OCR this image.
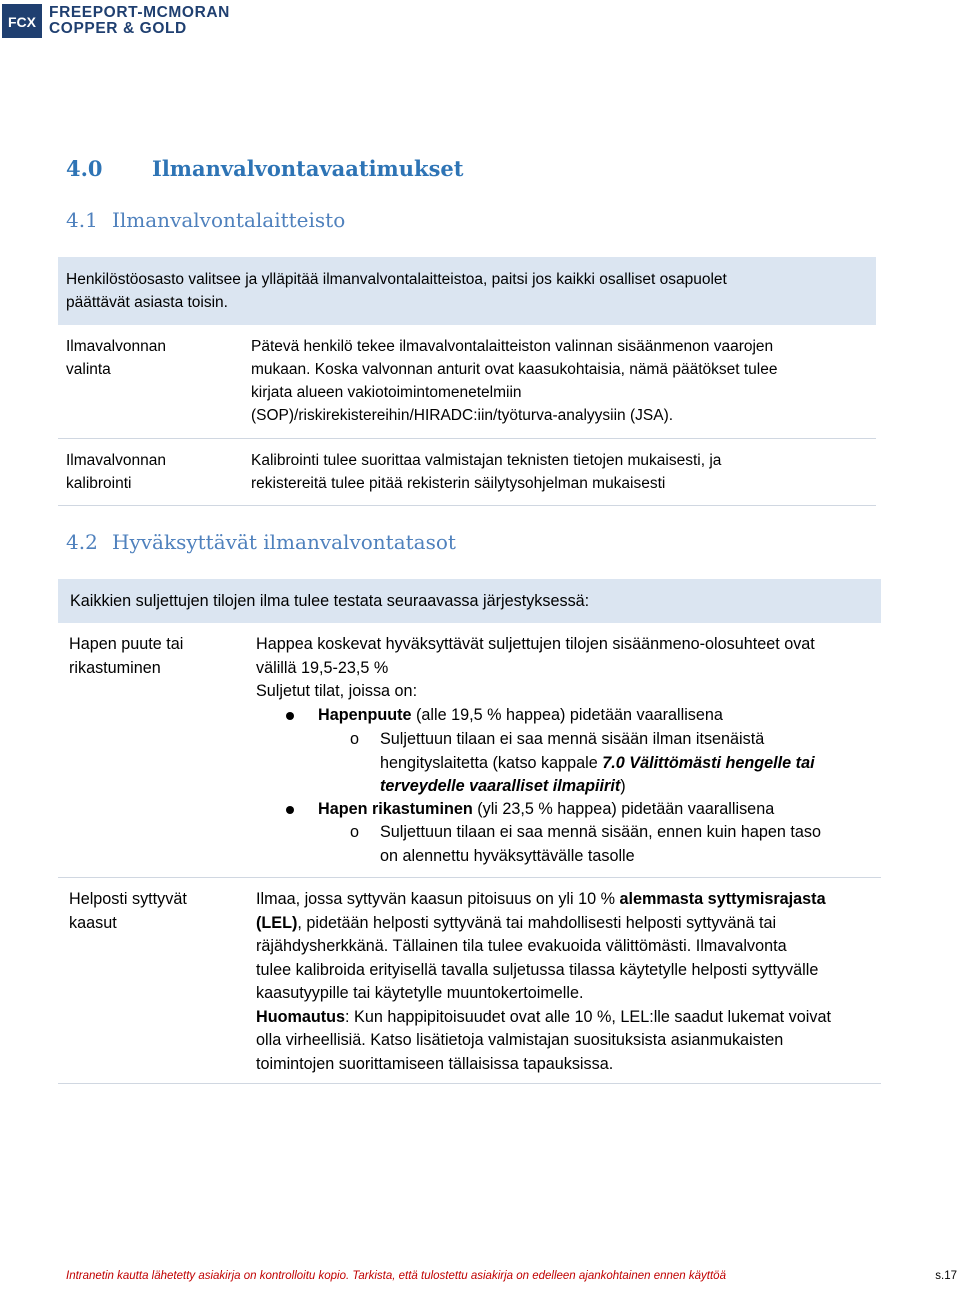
FCX
FREEPORT-MCMORAN
COPPER & GOLD
4.0 Ilmanvalvontavaatimukset
4.1 Ilmanvalvontalaitteisto
Henkilöstöosasto valitsee ja ylläpitää ilmanvalvontalaitteistoa, paitsi jos kaikki osalliset osapuolet
päättävät asiasta toisin.
Ilmavalvonnan
valinta
Pätevä henkilö tekee ilmavalvontalaitteiston valinnan sisäänmenon vaarojen
mukaan. Koska valvonnan anturit ovat kaasukohtaisia, nämä päätökset tulee
kirjata alueen vakiotoimintomenetelmiin
(SOP)/riskirekistereihin/HIRADC:iin/työturva-analyysiin (JSA).
Ilmavalvonnan
kalibrointi
Kalibrointi tulee suorittaa valmistajan teknisten tietojen mukaisesti, ja
rekistereitä tulee pitää rekisterin säilytysohjelman mukaisesti
4.2 Hyväksyttävät ilmanvalvontatasot
Kaikkien suljettujen tilojen ilma tulee testata seuraavassa järjestyksessä:
Hapen puute tai
rikastuminen
Happea koskevat hyväksyttävät suljettujen tilojen sisäänmeno-olosuhteet ovat
välillä 19,5-23,5 %
Suljetut tilat, joissa on:
Hapenpuute (alle 19,5 % happea) pidetään vaarallisena
o Suljettuun tilaan ei saa mennä sisään ilman itsenäistä
hengityslaitetta (katso kappale 7.0 Välittömästi hengelle tai
terveydelle vaaralliset ilmapiirit)
Hapen rikastuminen (yli 23,5 % happea) pidetään vaarallisena
o Suljettuun tilaan ei saa mennä sisään, ennen kuin hapen taso
on alennettu hyväksyttävälle tasolle
Helposti syttyvät
kaasut
Ilmaa, jossa syttyvän kaasun pitoisuus on yli 10 % alemmasta syttymisrajasta
(LEL), pidetään helposti syttyvänä tai mahdollisesti helposti syttyvänä tai
räjähdysherkkänä. Tällainen tila tulee evakuoida välittömästi. Ilmavalvonta
tulee kalibroida erityisellä tavalla suljetussa tilassa käytetylle helposti syttyvälle
kaasutyypille tai käytetylle muuntokertoimelle.
Huomautus: Kun happipitoisuudet ovat alle 10 %, LEL:lle saadut lukemat voivat
olla virheellisiä. Katso lisätietoja valmistajan suosituksista asianmukaisten
toimintojen suorittamiseen tällaisissa tapauksissa.
Intranetin kautta lähetetty asiakirja on kontrolloitu kopio. Tarkista, että tulostettu asiakirja on edelleen ajankohtainen ennen käyttöä	s.17
